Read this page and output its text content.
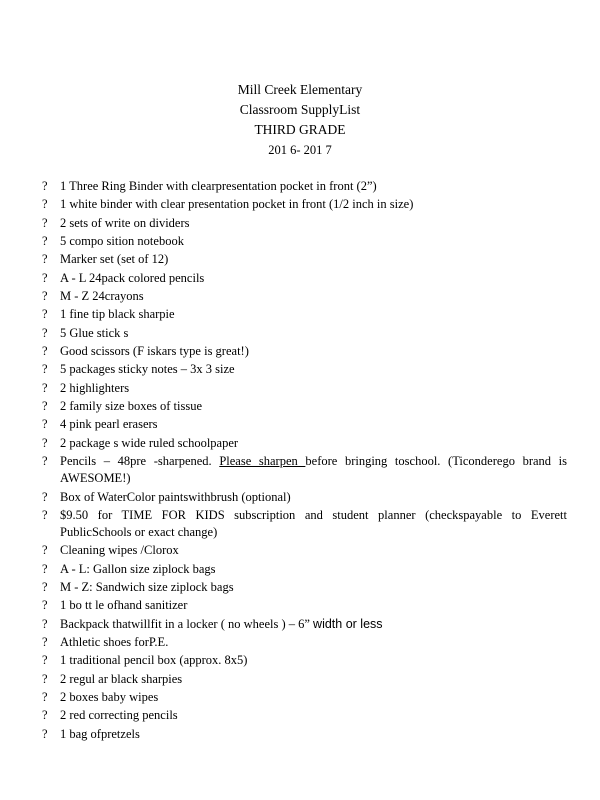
Mill Creek Elementary
Classroom SupplyList
THIRD GRADE
201 6- 201 7
? 1 Three Ring Binder with clearpresentation pocket in front (2”)
? 1 white binder with clear presentation pocket in front (1/2 inch in size)
? 2 sets of write on dividers
? 5 compo sition notebook
? Marker set (set of 12)
? A - L 24pack colored pencils
? M - Z 24crayons
? 1 fine tip black sharpie
? 5 Glue stick s
? Good scissors (F iskars type is great!)
? 5 packages sticky notes – 3x 3 size
? 2 highlighters
? 2 family size boxes of tissue
? 4 pink pearl erasers
? 2 package s wide ruled schoolpaper
? Pencils – 48pre -sharpened. Please sharpen before bringing toschool. (Ticonderego brand is AWESOME!)
? Box of WaterColor paintswithbrush (optional)
? $9.50 for TIME FOR KIDS subscription and student planner (checkspayable to Everett PublicSchools or exact change)
? Cleaning wipes /Clorox
? A - L: Gallon size ziplock bags
? M - Z: Sandwich size ziplock bags
? 1 bo tt le ofhand sanitizer
? Backpack thatwillfit in a locker ( no wheels ) – 6” width or less
? Athletic shoes forP.E.
? 1 traditional pencil box (approx. 8x5)
? 2 regul ar black sharpies
? 2 boxes baby wipes
? 2 red correcting pencils
? 1 bag ofpretzels
